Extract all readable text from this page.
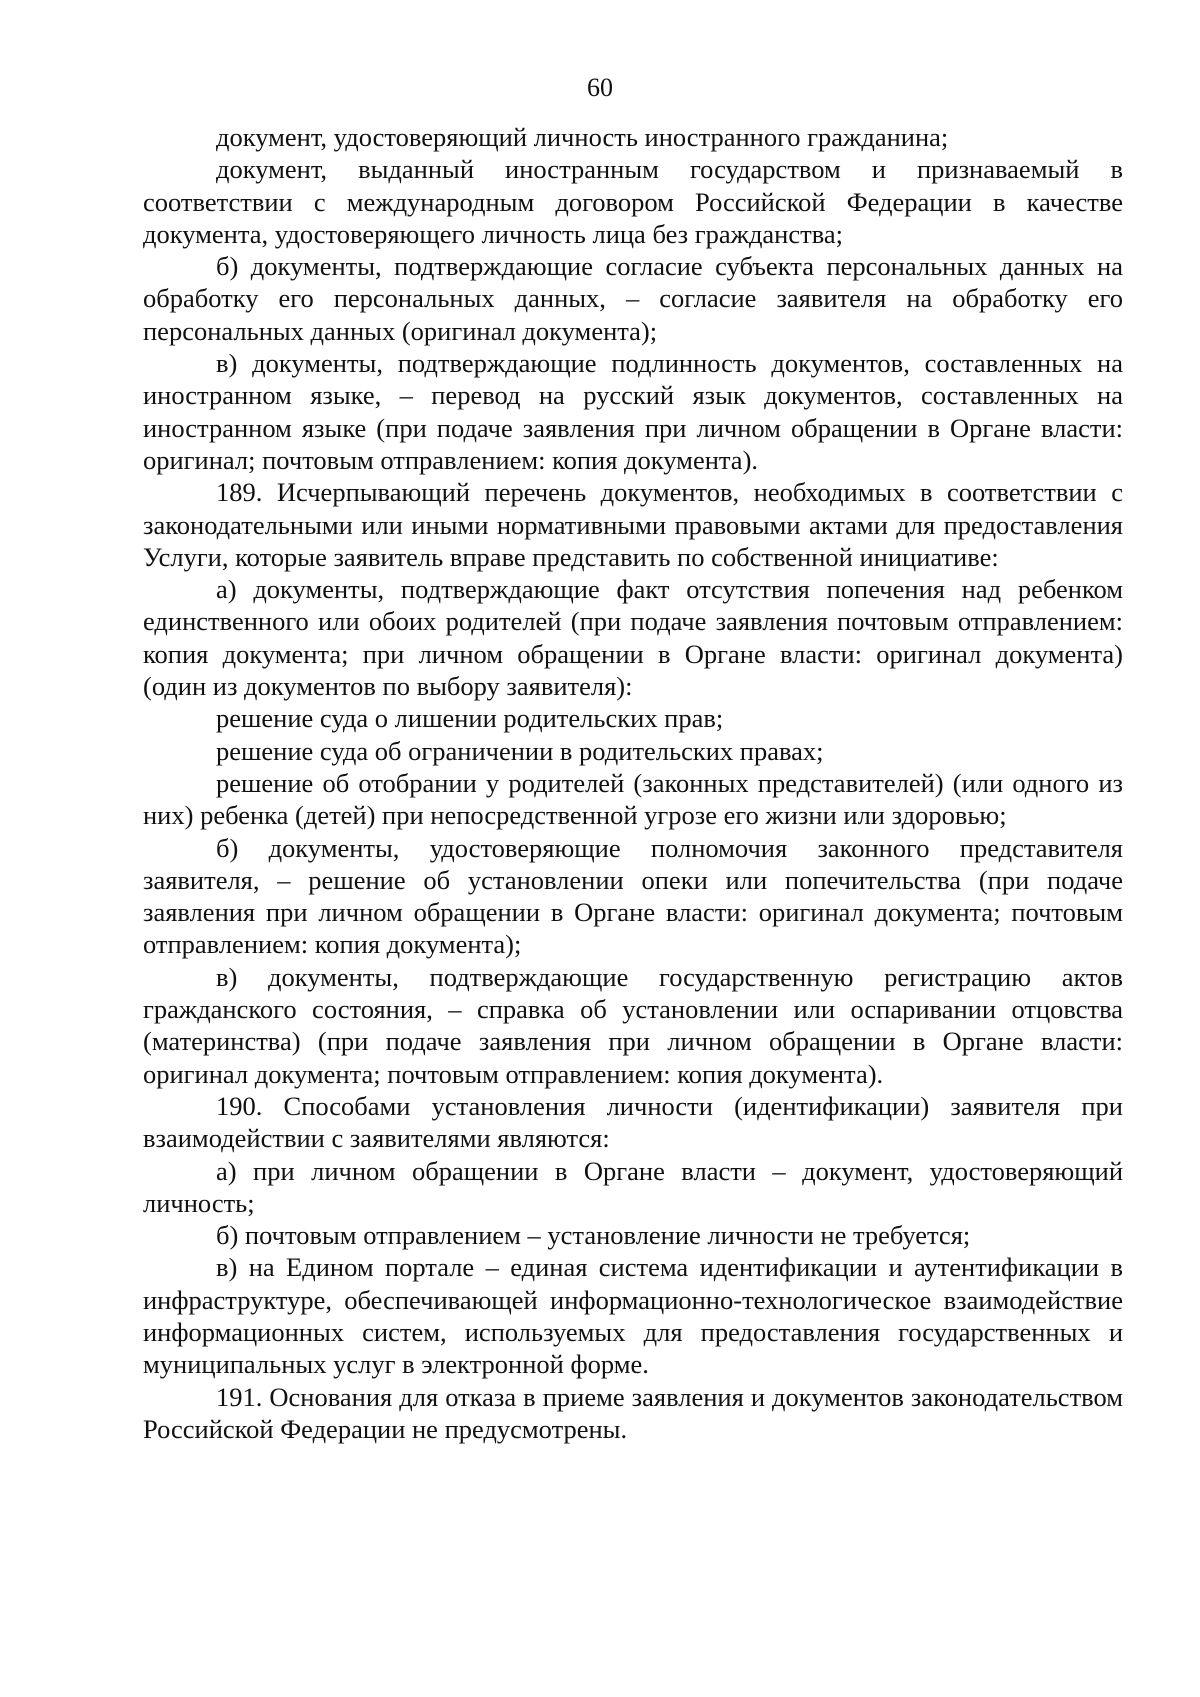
60

документ, удостоверяющий личность иностранного гражданина;

документ, выданный иностранным государством и признаваемый в соответствии с международным договором Российской Федерации в качестве документа, удостоверяющего личность лица без гражданства;

б) документы, подтверждающие согласие субъекта персональных данных на обработку его персональных данных, – согласие заявителя на обработку его персональных данных (оригинал документа);

в) документы, подтверждающие подлинность документов, составленных на иностранном языке, – перевод на русский язык документов, составленных на иностранном языке (при подаче заявления при личном обращении в Органе власти: оригинал; почтовым отправлением: копия документа).

189. Исчерпывающий перечень документов, необходимых в соответствии с законодательными или иными нормативными правовыми актами для предоставления Услуги, которые заявитель вправе представить по собственной инициативе:

а) документы, подтверждающие факт отсутствия попечения над ребенком единственного или обоих родителей (при подаче заявления почтовым отправлением: копия документа; при личном обращении в Органе власти: оригинал документа) (один из документов по выбору заявителя):

решение суда о лишении родительских прав;

решение суда об ограничении в родительских правах;

решение об отобрании у родителей (законных представителей) (или одного из них) ребенка (детей) при непосредственной угрозе его жизни или здоровью;

б) документы, удостоверяющие полномочия законного представителя заявителя, – решение об установлении опеки или попечительства (при подаче заявления при личном обращении в Органе власти: оригинал документа; почтовым отправлением: копия документа);

в) документы, подтверждающие государственную регистрацию актов гражданского состояния, – справка об установлении или оспаривании отцовства (материнства) (при подаче заявления при личном обращении в Органе власти: оригинал документа; почтовым отправлением: копия документа).

190. Способами установления личности (идентификации) заявителя при взаимодействии с заявителями являются:

а) при личном обращении в Органе власти – документ, удостоверяющий личность;

б) почтовым отправлением – установление личности не требуется;

в) на Едином портале – единая система идентификации и аутентификации в инфраструктуре, обеспечивающей информационно-технологическое взаимодействие информационных систем, используемых для предоставления государственных и муниципальных услуг в электронной форме.

191. Основания для отказа в приеме заявления и документов законодательством Российской Федерации не предусмотрены.
